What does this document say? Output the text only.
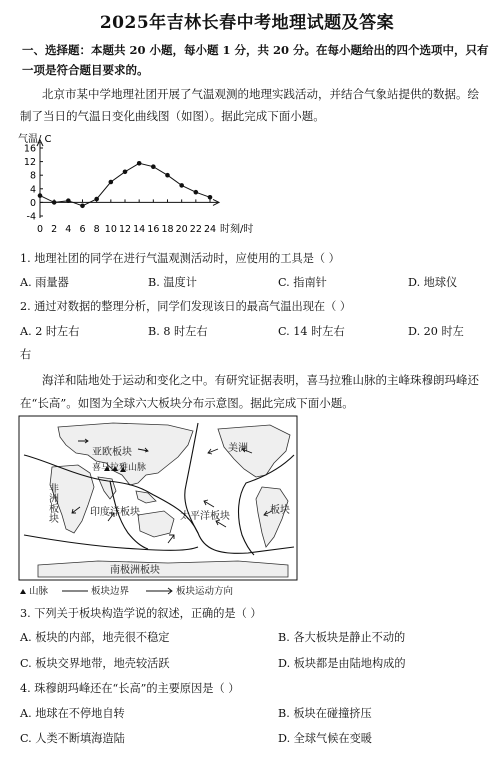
2025年吉林长春中考地理试题及答案
一、选择题：本题共 20 小题，每小题 1 分，共 20 分。在每小题给出的四个选项中，只有
一项是符合题目要求的。
北京市某中学地理社团开展了气温观测的地理实践活动，并结合气象站提供的数据。绘
制了当日的气温日变化曲线图（如图）。据此完成下面小题。
气温/ C
16
12
8
4
0
-4
0 2 4 6 8 10 12 14 16 18 20 22 24 时刻/时
1. 地理社团的同学在进行气温观测活动时，应使用的工具是（ ）
A. 雨量器	B. 温度计	C. 指南针	D. 地球仪
2. 通过对数据的整理分析，同学们发现该日的最高气温出现在（ ）
A. 2 时左右	B. 8 时左右	C. 14 时左右	D. 20 时左
右
海洋和陆地处于运动和变化之中。有研究证据表明，喜马拉雅山脉的主峰珠穆朗玛峰还
在“长高”。如图为全球六大板块分布示意图。据此完成下面小题。
亚欧板块
喜马拉雅山脉
美洲
太平洋板块
板块
南极洲板块
非洲板块	印度洋板块
山脉	板块边界	板块运动方向
3. 下列关于板块构造学说的叙述，正确的是（ ）
A. 板块的内部，地壳很不稳定	B. 各大板块是静止不动的
C. 板块交界地带，地壳较活跃	D. 板块都是由陆地构成的
4. 珠穆朗玛峰还在“长高”的主要原因是（ ）
A. 地球在不停地自转	B. 板块在碰撞挤压
C. 人类不断填海造陆	D. 全球气候在变暖
